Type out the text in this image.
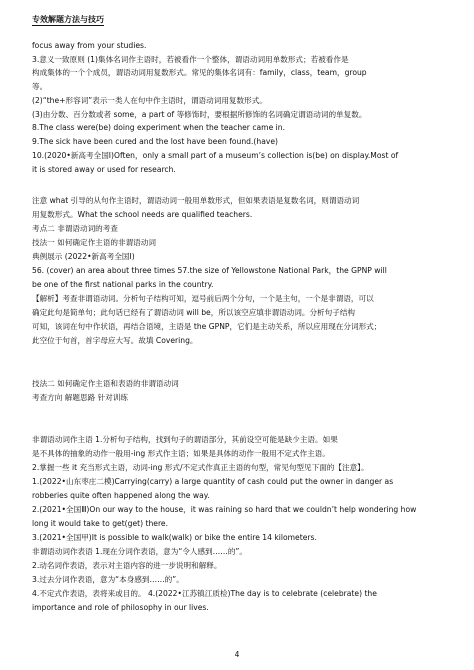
专效解题方法与技巧
focus away from your studies.
3.意义一致原则 (1)集体名词作主语时，若被看作一个整体，谓语动词用单数形式；若被看作是
构成集体的一个个成员，谓语动词用复数形式。常见的集体名词有：family，class，team，group
等。
(2)“the+形容词”表示一类人在句中作主语时，谓语动词用复数形式。
(3)由分数、百分数或者 some，a part of 等修饰时，要根据所修饰的名词确定谓语动词的单复数。
8.The class were(be) doing experiment when the teacher came in.
9.The sick have been cured and the lost have been found.(have)
10.(2020•新高考全国Ⅰ)Often，only a small part of a museum’s collection is(be) on display.Most of
it is stored away or used for research.
注意 what 引导的从句作主语时，谓语动词一般用单数形式，但如果表语是复数名词，则谓语动词
用复数形式。What the school needs are qualified teachers.
考点二 非谓语动词的考查
技法一 如何确定作主语的非谓语动词
典例展示 (2022•新高考全国Ⅰ)
56. (cover) an area about three times 57.the size of Yellowstone National Park，the GPNP will
be one of the first national parks in the country.
【解析】考查非谓语动词。分析句子结构可知，逗号前后两个分句，一个是主句，一个是非谓语，可以
确定此句是简单句；此句话已经有了谓语动词 will be，所以该空应填非谓语动词。分析句子结构
可知，该词在句中作状语，再结合语境，主语是 the GPNP，它们是主动关系，所以应用现在分词形式；
此空位于句首，首字母应大写。故填 Covering。
技法二 如何确定作主语和表语的非谓语动词
考查方向 解题思路 针对训练
非谓语动词作主语 1.分析句子结构，找到句子的谓语部分，其前设空可能是缺少主语。如果
是不具体的抽象的动作一般用-ing 形式作主语；如果是具体的动作一般用不定式作主语。
2.掌握一些 it 充当形式主语，动词-ing 形式/不定式作真正主语的句型，常见句型见下面的【注意】。
1.(2022•山东枣庄二模)Carrying(carry) a large quantity of cash could put the owner in danger as
robberies quite often happened along the way.
2.(2021•全国Ⅲ)On our way to the house，it was raining so hard that we couldn’t help wondering how
long it would take to get(get) there.
3.(2021•全国甲)It is possible to walk(walk) or bike the entire 14 kilometers.
非谓语动词作表语 1.现在分词作表语，意为“令人感到……的”。
2.动名词作表语，表示对主语内容的进一步说明和解释。
3.过去分词作表语，意为“本身感到……的”。
4.不定式作表语，表将来或目的。 4.(2022•江苏镇江质检)The day is to celebrate (celebrate) the
importance and role of philosophy in our lives.
4
